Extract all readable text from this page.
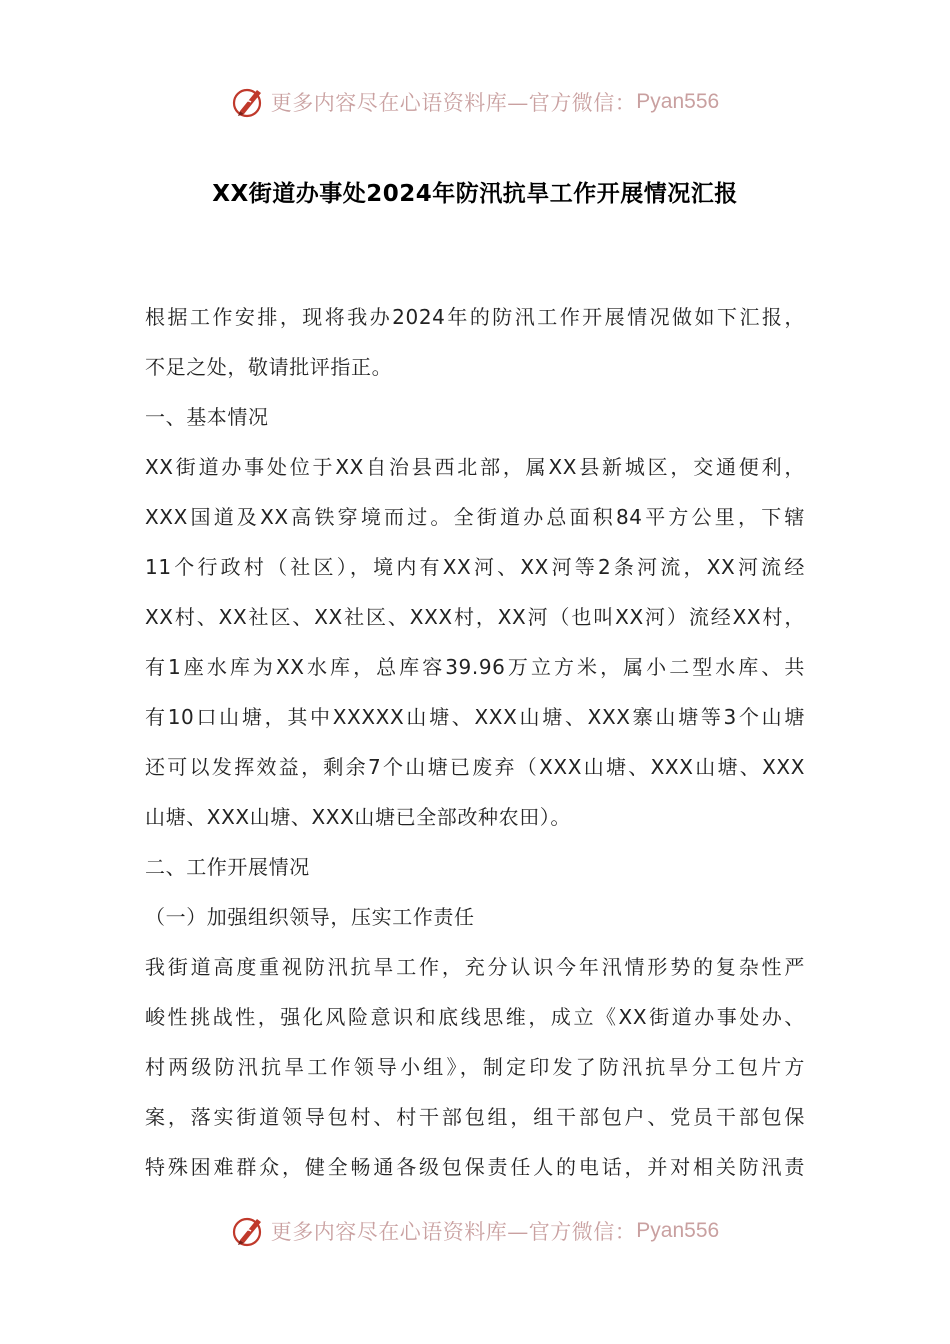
更多内容尽在心语资料库—官方微信： Pyan556
XX街道办事处2024年防汛抗旱工作开展情况汇报
根据工作安排，现将我办2024年的防汛工作开展情况做如下汇报，
不足之处，敬请批评指正。
一、基本情况
XX街道办事处位于XX自治县西北部，属XX县新城区，交通便利，
XXX国道及XX高铁穿境而过。全街道办总面积84平方公里，下辖
11个行政村（社区），境内有XX河、XX河等2条河流，XX河流经
XX村、XX社区、XX社区、XXX村，XX河（也叫XX河）流经XX村，
有1座水库为XX水库，总库容39.96万立方米，属小二型水库、共
有10口山塘，其中XXXXX山塘、XXX山塘、XXX寨山塘等3个山塘
还可以发挥效益，剩余7个山塘已废弃（XXX山塘、XXX山塘、XXX
山塘、XXX山塘、XXX山塘已全部改种农田）。
二、工作开展情况
（一）加强组织领导，压实工作责任
我街道高度重视防汛抗旱工作，充分认识今年汛情形势的复杂性严
峻性挑战性，强化风险意识和底线思维，成立《XX街道办事处办、
村两级防汛抗旱工作领导小组》，制定印发了防汛抗旱分工包片方
案，落实街道领导包村、村干部包组，组干部包户、党员干部包保
特殊困难群众，健全畅通各级包保责任人的电话，并对相关防汛责
更多内容尽在心语资料库—官方微信： Pyan556
